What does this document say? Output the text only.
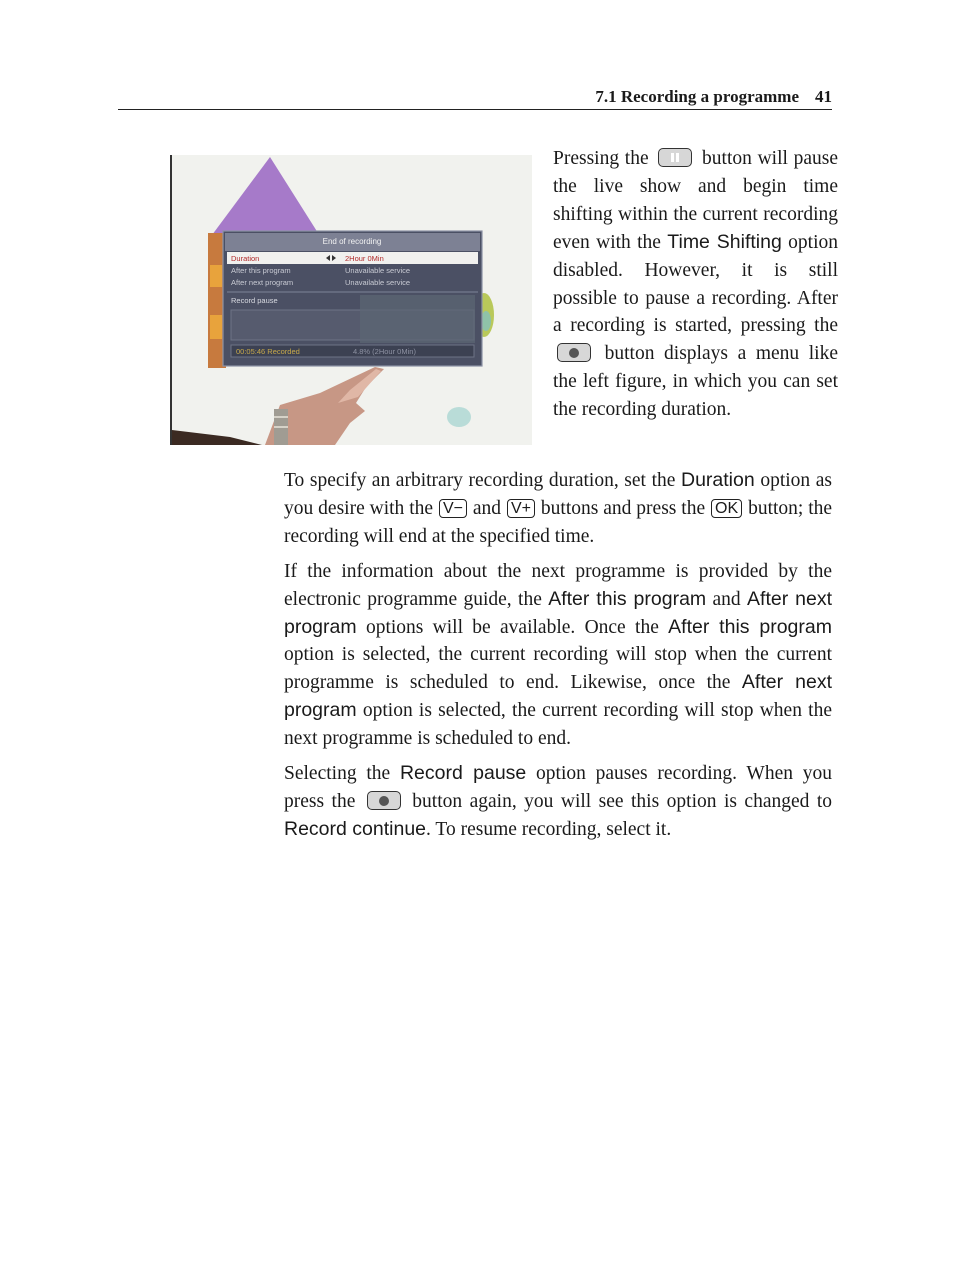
7.1 Recording a programme 41
End of recording
Duration	2Hour 0Min
After this program	Unavailable service
After next program	Unavailable service
Record pause
00:05:46 Recorded	4.8% (2Hour 0Min)

Pressing the	button will pause the live show and begin time shifting within the current recording even with the Time Shifting option disabled. However, it is still possible to pause a recording. After a recording is started, pressing the
button displays a menu like the left figure, in which you can set the recording duration.

To specify an arbitrary recording duration, set the Duration option as you desire with the V− and V+ buttons and press the OK button; the recording will end at the specified time.

If the information about the next programme is provided by the electronic programme guide, the After this program and After next program options will be available. Once the After this program option is selected, the current recording will stop when the current programme is scheduled to end. Likewise, once the After next program option is selected, the current recording will stop when the next programme is scheduled to end.

Selecting the Record pause option pauses recording. When you press the	button again, you will see this option is changed to Record continue. To resume recording, select it.
